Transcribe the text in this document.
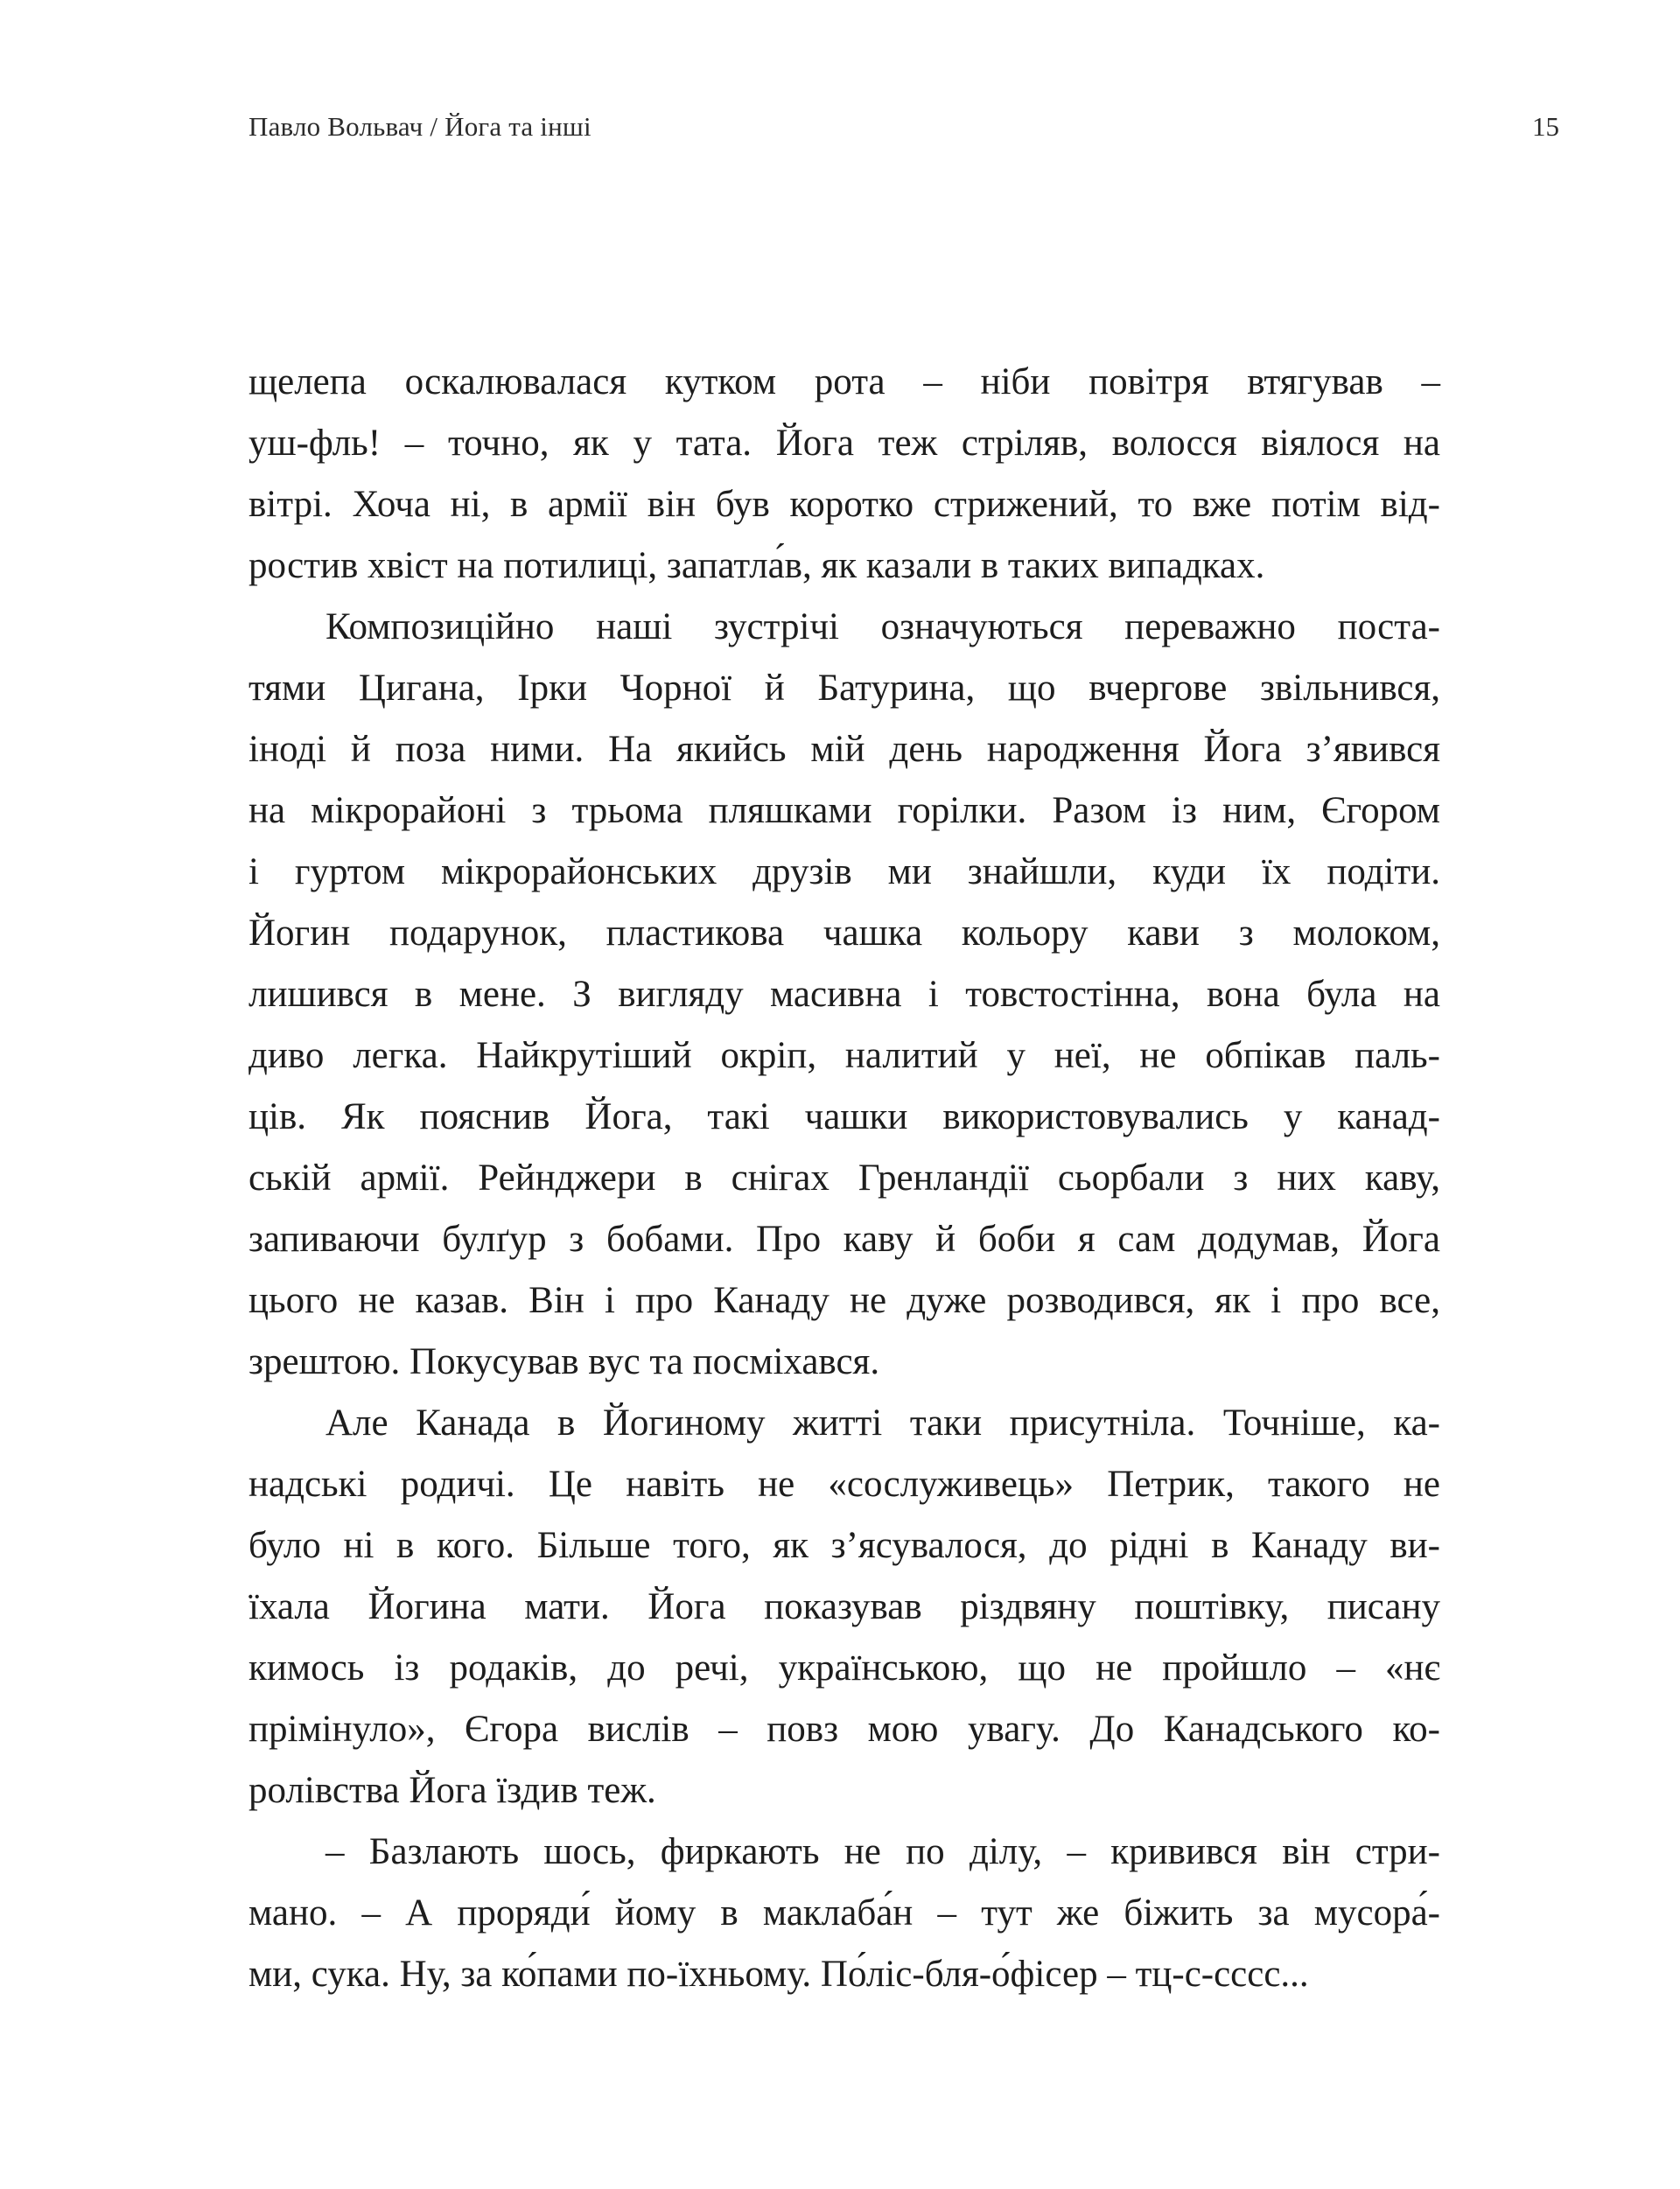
Павло Вольвач / Йога та інші	15
щелепа оскалювалася кутком рота – ніби повітря втягував –
уш-фль! – точно, як у тата. Йога теж стріляв, волосся віялося на
вітрі. Хоча ні, в армії він був коротко стрижений, то вже потім від-
ростив хвіст на потилиці, запатла́в, як казали в таких випадках.
Композиційно наші зустрічі означуються переважно поста-
тями Цигана, Ірки Чорної й Батурина, що вчергове звільнився,
іноді й поза ними. На якийсь мій день народження Йога з’явився
на мікрорайоні з трьома пляшками горілки. Разом із ним, Єгором
і гуртом мікрорайонських друзів ми знайшли, куди їх подіти.
Йогин подарунок, пластикова чашка кольору кави з молоком,
лишився в мене. З вигляду масивна і товстостінна, вона була на
диво легка. Найкрутіший окріп, налитий у неї, не обпікав паль-
ців. Як пояснив Йога, такі чашки використовувались у канад-
ській армії. Рейнджери в снігах Гренландії сьорбали з них каву,
запиваючи булґур з бобами. Про каву й боби я сам додумав, Йога
цього не казав. Він і про Канаду не дуже розводився, як і про все,
зрештою. Покусував вус та посміхався.
Але Канада в Йогиному житті таки присутніла. Точніше, ка-
надські родичі. Це навіть не «сослуживець» Петрик, такого не
було ні в кого. Більше того, як з’ясувалося, до рідні в Канаду ви-
їхала Йогина мати. Йога показував різдвяну поштівку, писану
кимось із родаків, до речі, українською, що не пройшло – «нє
прімінуло», Єгора вислів – повз мою увагу. До Канадського ко-
ролівства Йога їздив теж.
– Базлають шось, фиркають не по ділу, – кривився він стри-
мано. – А проряди́ йому в маклаба́н – тут же біжить за мусора́-
ми, сука. Ну, за ко́пами по-їхньому. По́ліс-бля-о́фісер – тц-с-сссс...
